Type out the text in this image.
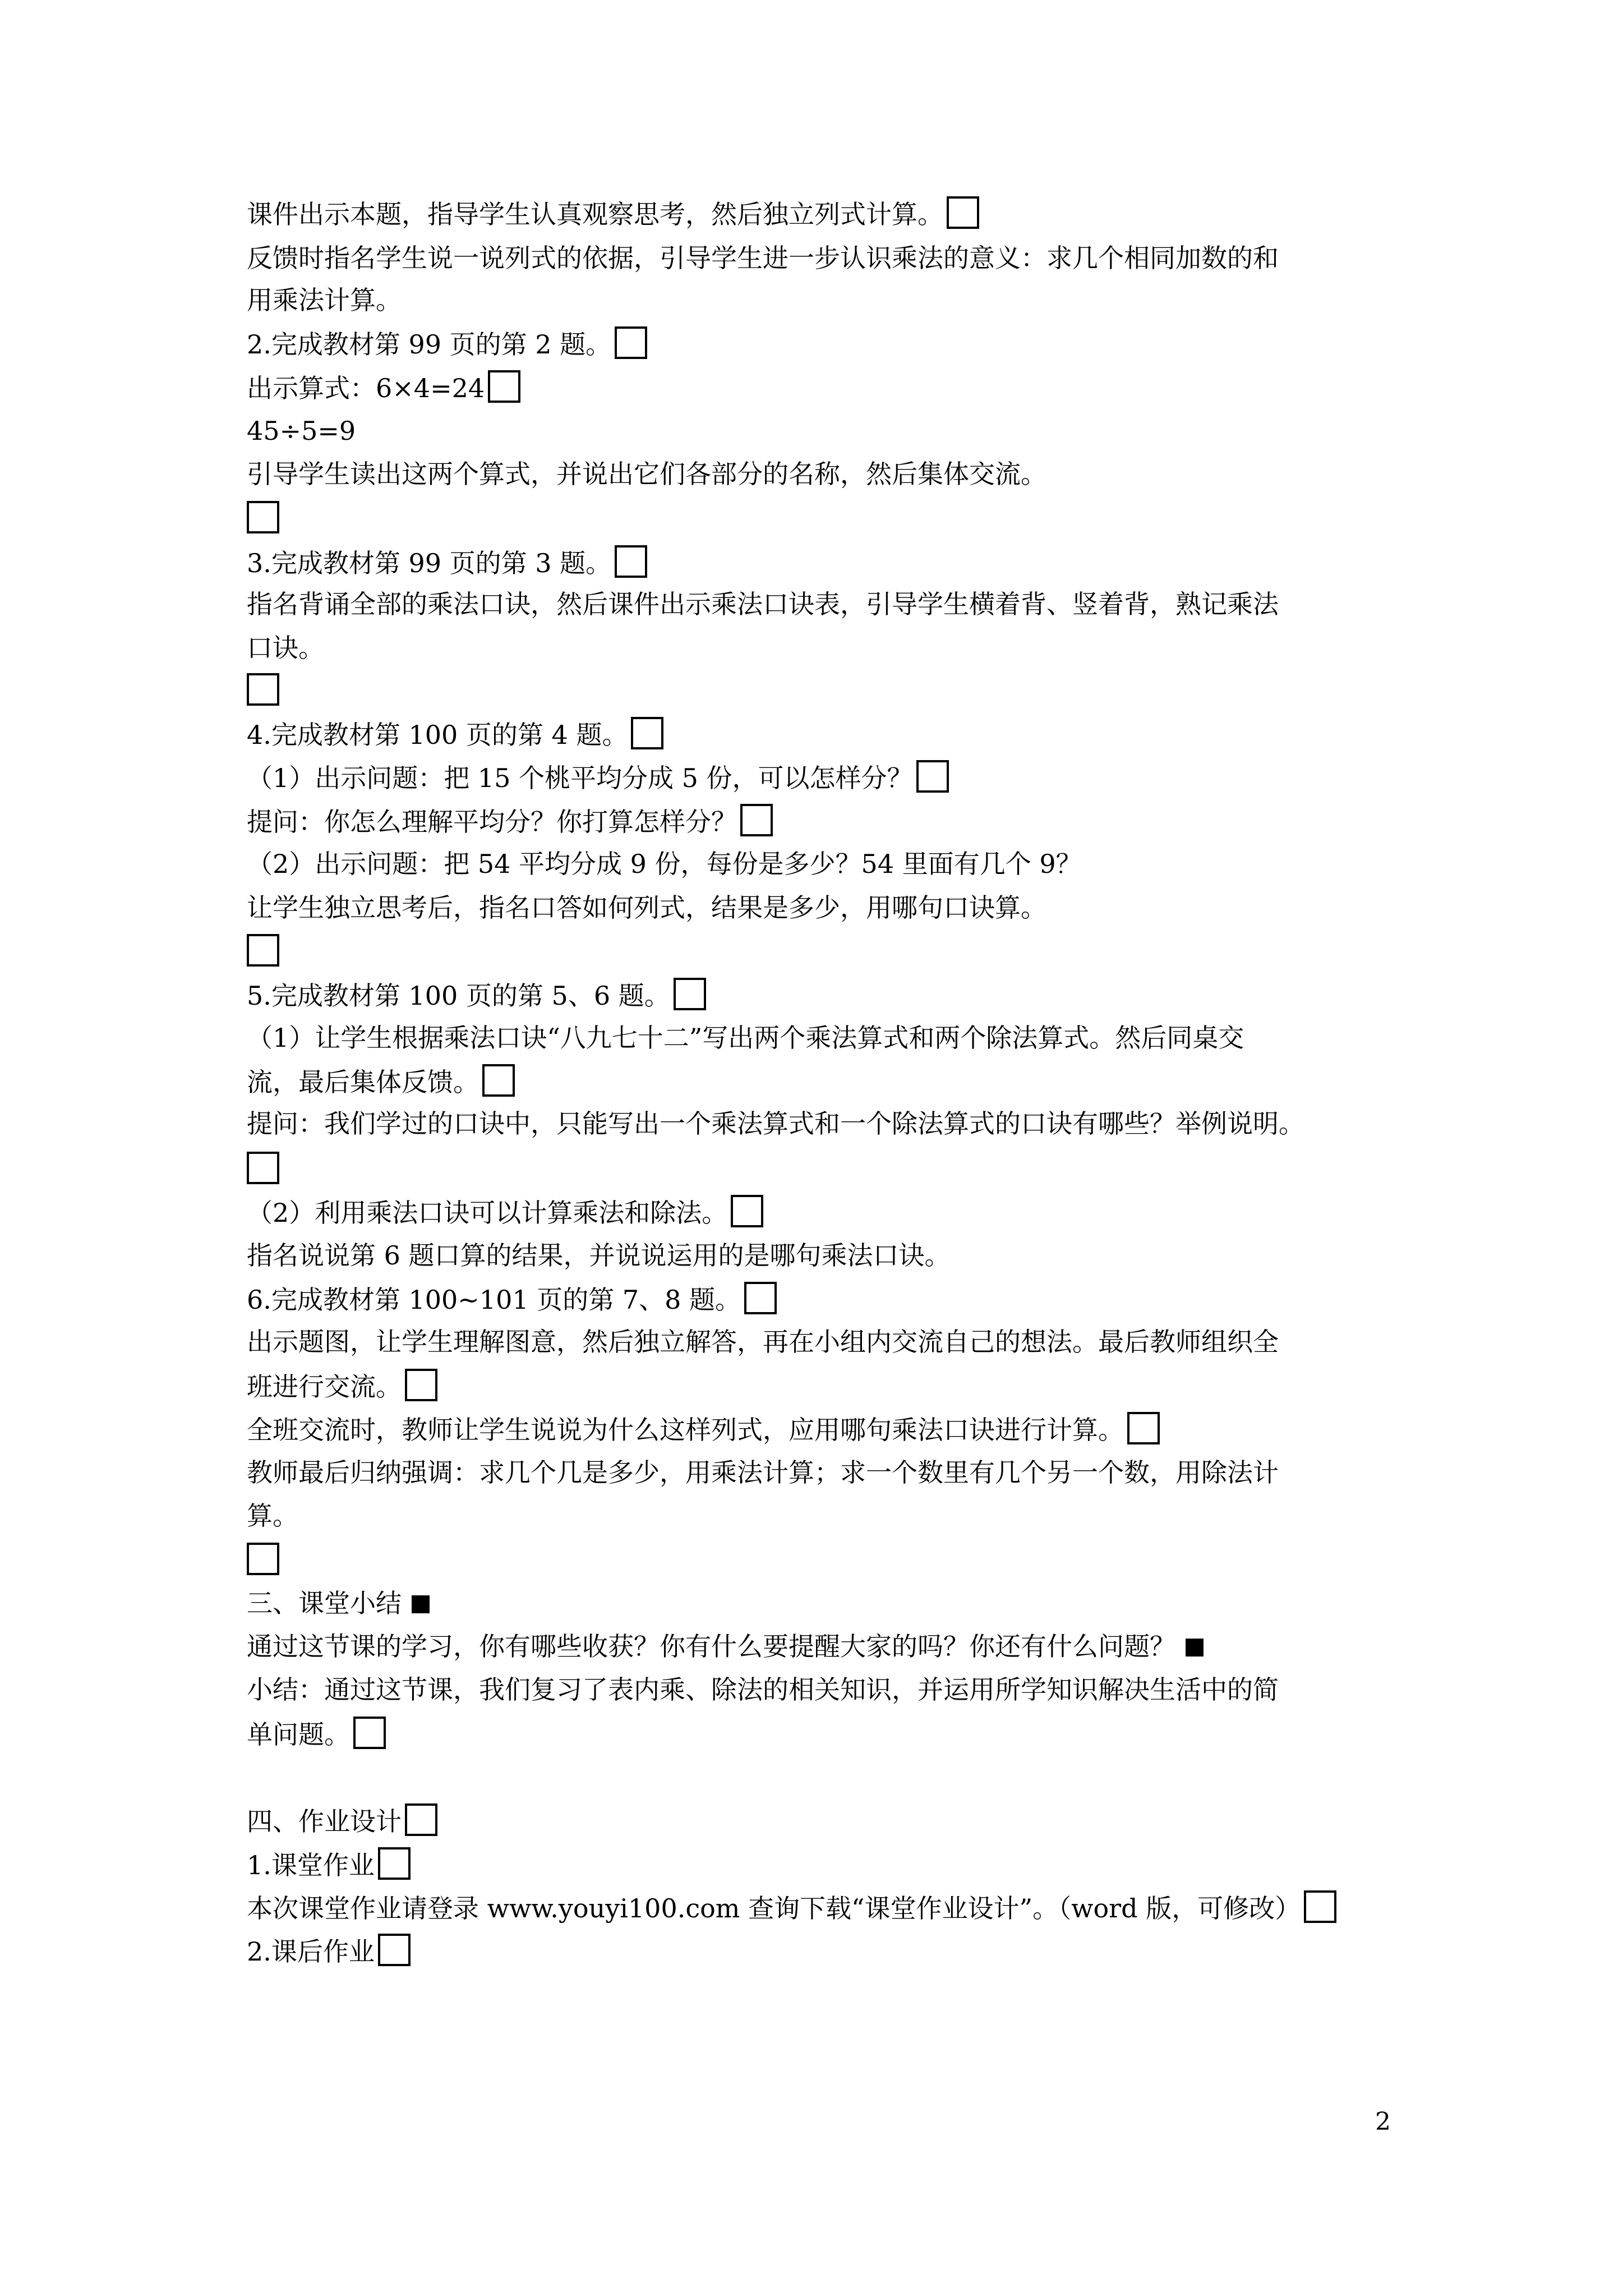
课件出示本题，指导学生认真观察思考，然后独立列式计算。
反馈时指名学生说一说列式的依据，引导学生进一步认识乘法的意义：求几个相同加数的和
用乘法计算。
2.完成教材第 99 页的第 2 题。
出示算式：6×4=24
45÷5=9
引导学生读出这两个算式，并说出它们各部分的名称，然后集体交流。
3.完成教材第 99 页的第 3 题。
指名背诵全部的乘法口诀，然后课件出示乘法口诀表，引导学生横着背、竖着背，熟记乘法
口诀。
4.完成教材第 100 页的第 4 题。
（1）出示问题：把 15 个桃平均分成 5 份，可以怎样分？
提问：你怎么理解平均分？你打算怎样分？
（2）出示问题：把 54 平均分成 9 份，每份是多少？54 里面有几个 9？
让学生独立思考后，指名口答如何列式，结果是多少，用哪句口诀算。
5.完成教材第 100 页的第 5、6 题。
（1）让学生根据乘法口诀“八九七十二”写出两个乘法算式和两个除法算式。然后同桌交
流，最后集体反馈。
提问：我们学过的口诀中，只能写出一个乘法算式和一个除法算式的口诀有哪些？举例说明。
（2）利用乘法口诀可以计算乘法和除法。
指名说说第 6 题口算的结果，并说说运用的是哪句乘法口诀。
6.完成教材第 100~101 页的第 7、8 题。
出示题图，让学生理解图意，然后独立解答，再在小组内交流自己的想法。最后教师组织全
班进行交流。
全班交流时，教师让学生说说为什么这样列式，应用哪句乘法口诀进行计算。
教师最后归纳强调：求几个几是多少，用乘法计算；求一个数里有几个另一个数，用除法计
算。
三、课堂小结
通过这节课的学习，你有哪些收获？你有什么要提醒大家的吗？你还有什么问题？
小结：通过这节课，我们复习了表内乘、除法的相关知识，并运用所学知识解决生活中的简
单问题。
四、作业设计
1.课堂作业
本次课堂作业请登录 www.youyi100.com 查询下载“课堂作业设计”。（word 版，可修改）
2.课后作业
2
